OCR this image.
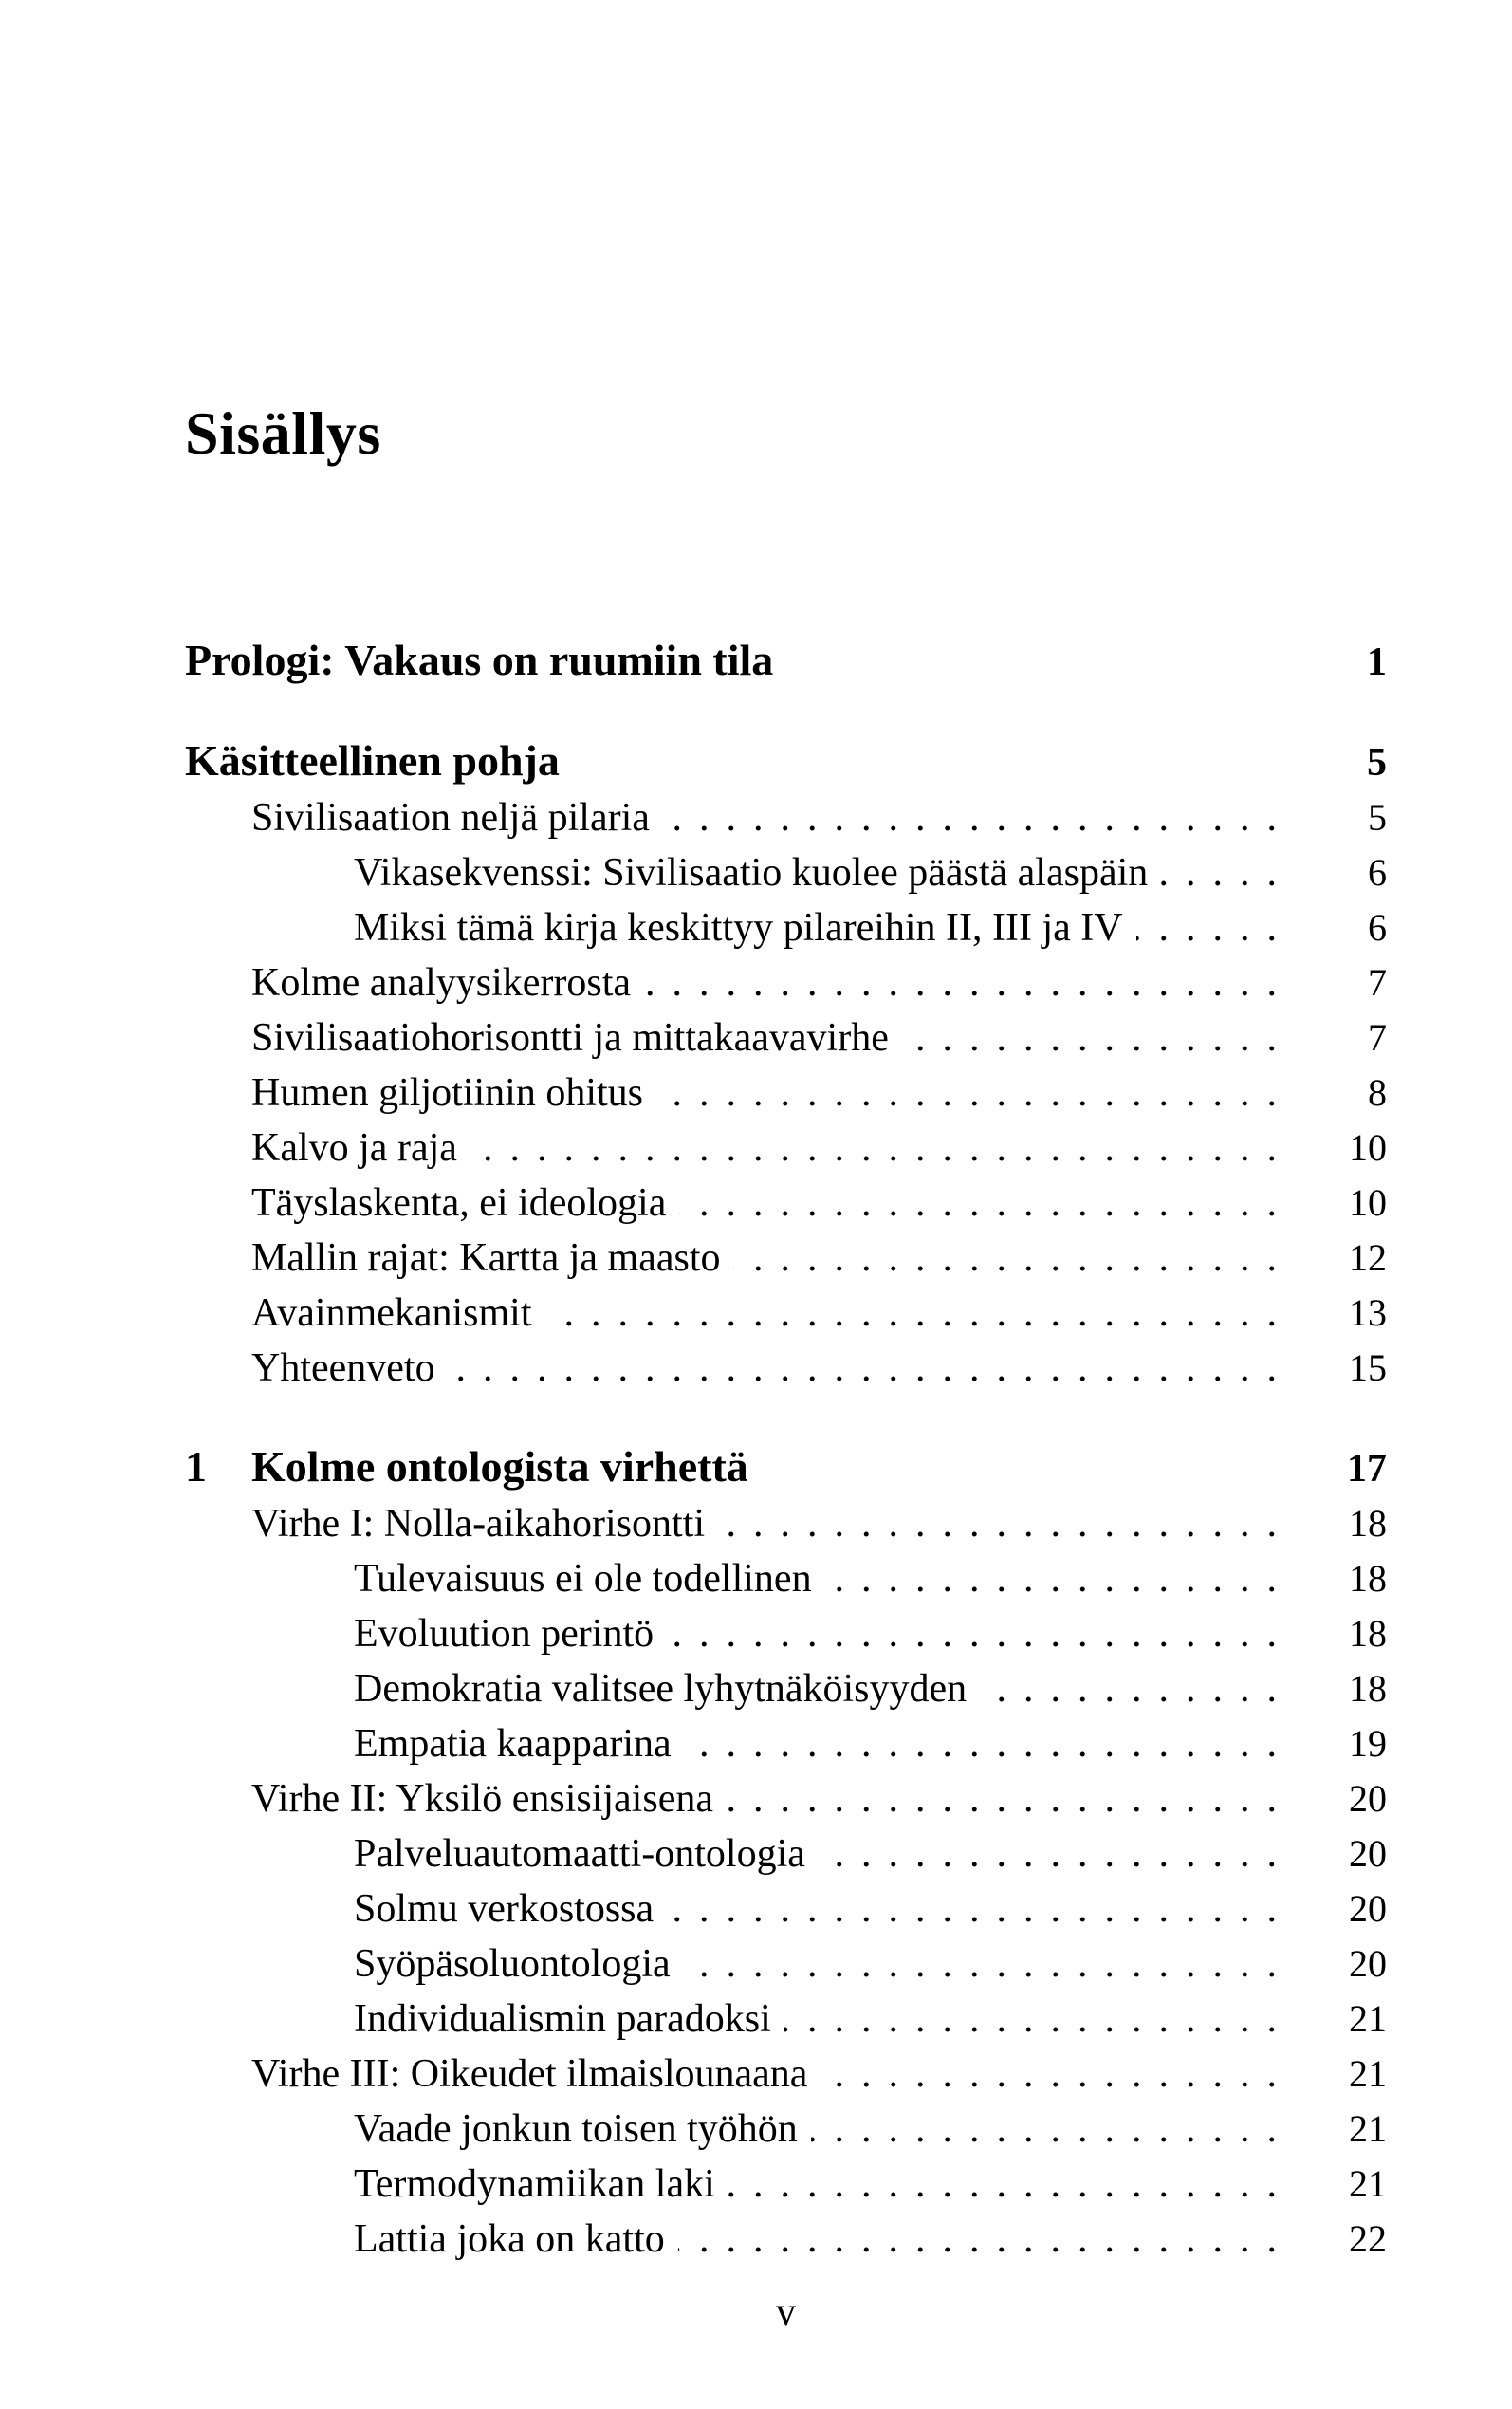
Sisällys
Prologi: Vakaus on ruumiin tila	1
Käsitteellinen pohja	5
Sivilisaation neljä pilaria .....	5
Vikasekvenssi: Sivilisaatio kuolee päästä alaspäin .....	6
Miksi tämä kirja keskittyy pilareihin II, III ja IV .....	6
Kolme analyysikerrosta .....	7
Sivilisaatiohorisontti ja mittakaavavirhe .....	7
Humen giljotiinin ohitus .....	8
Kalvo ja raja .....	10
Täyslaskenta, ei ideologia .....	10
Mallin rajat: Kartta ja maasto .....	12
Avainmekanismit .....	13
Yhteenveto .....	15
1	Kolme ontologista virhettä	17
Virhe I: Nolla-aikahorisontti .....	18
Tulevaisuus ei ole todellinen .....	18
Evoluution perintö .....	18
Demokratia valitsee lyhytnäköisyyden .....	18
Empatia kaapparina .....	19
Virhe II: Yksilö ensisijaisena .....	20
Palveluautomaatti-ontologia .....	20
Solmu verkostossa .....	20
Syöpäsoluontologia .....	20
Individualismin paradoksi .....	21
Virhe III: Oikeudet ilmaislounaana .....	21
Vaade jonkun toisen työhön .....	21
Termodynamiikan laki .....	21
Lattia joka on katto .....	22
v
